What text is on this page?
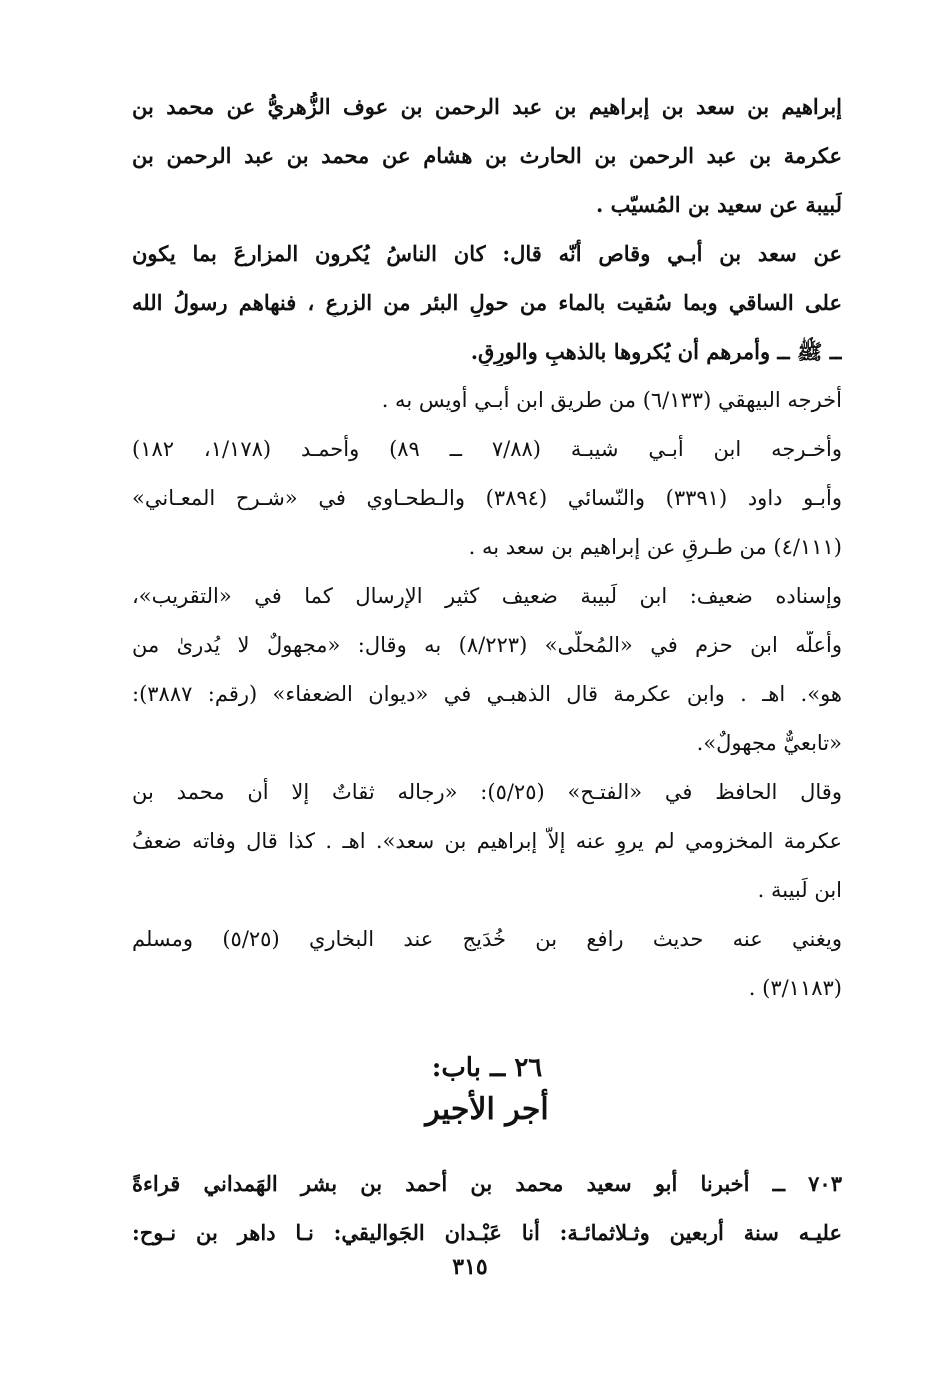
إبراهيم بن سعد بن إبراهيم بن عبد الرحمن بن عوف الزُّهريُّ عن محمد بن
عكرمة بن عبد الرحمن بن الحارث بن هشام عن محمد بن عبد الرحمن بن
لَبيبة عن سعيد بن المُسيّب .
عن سعد بن أبـي وقاص أنّه قال: كان الناسُ يُكرون المزارعَ بما يكون
على الساقي وبما سُقيت بالماء من حولِ البئر من الزرعِ ، فنهاهم رسولُ الله
ــ ﷺ ــ وأمرهم أن يُكروها بالذهبِ والورِقِ.
أخرجه البيهقي (٦/١٣٣) من طريق ابن أبـي أويس به .
وأخـرجه ابن أبـي شيبـة (٧/٨٨ ــ ٨٩) وأحمـد (١/١٧٨، ١٨٢)
وأبـو داود (٣٣٩١) والنّسائي (٣٨٩٤) والـطحـاوي في «شـرح المعـاني»
(٤/١١١) من طـرقٍ عن إبراهيم بن سعد به .
وإسناده ضعيف: ابن لَبيبة ضعيف كثير الإرسال كما في «التقريب»،
وأعلّه ابن حزم في «المُحلّى» (٨/٢٢٣) به وقال: «مجهولٌ لا يُدرىٰ من
هو». اهـ . وابن عكرمة قال الذهبـي في «ديوان الضعفاء» (رقم: ٣٨٨٧):
«تابعيٌّ مجهولٌ».
وقال الحافظ في «الفتـح» (٥/٢٥): «رجاله ثقاتٌ إلا أن محمد بن
عكرمة المخزومي لم يروِ عنه إلاّ إبراهيم بن سعد». اهـ . كذا قال وفاته ضعفُ
ابن لَبيبة .
ويغني عنه حديث رافع بن خُدَيج عند البخاري (٥/٢٥) ومسلم
(٣/١١٨٣) .
٢٦ ــ باب:
أجر الأجير
٧٠٣ ــ أخبرنا أبو سعيد محمد بن أحمد بن بشر الهَمداني قراءةً
عليـه سنة أربعين وثـلاثمائـة: أنا عَبْـدان الجَواليقي: نـا داهر بن نـوح:
٣١٥
